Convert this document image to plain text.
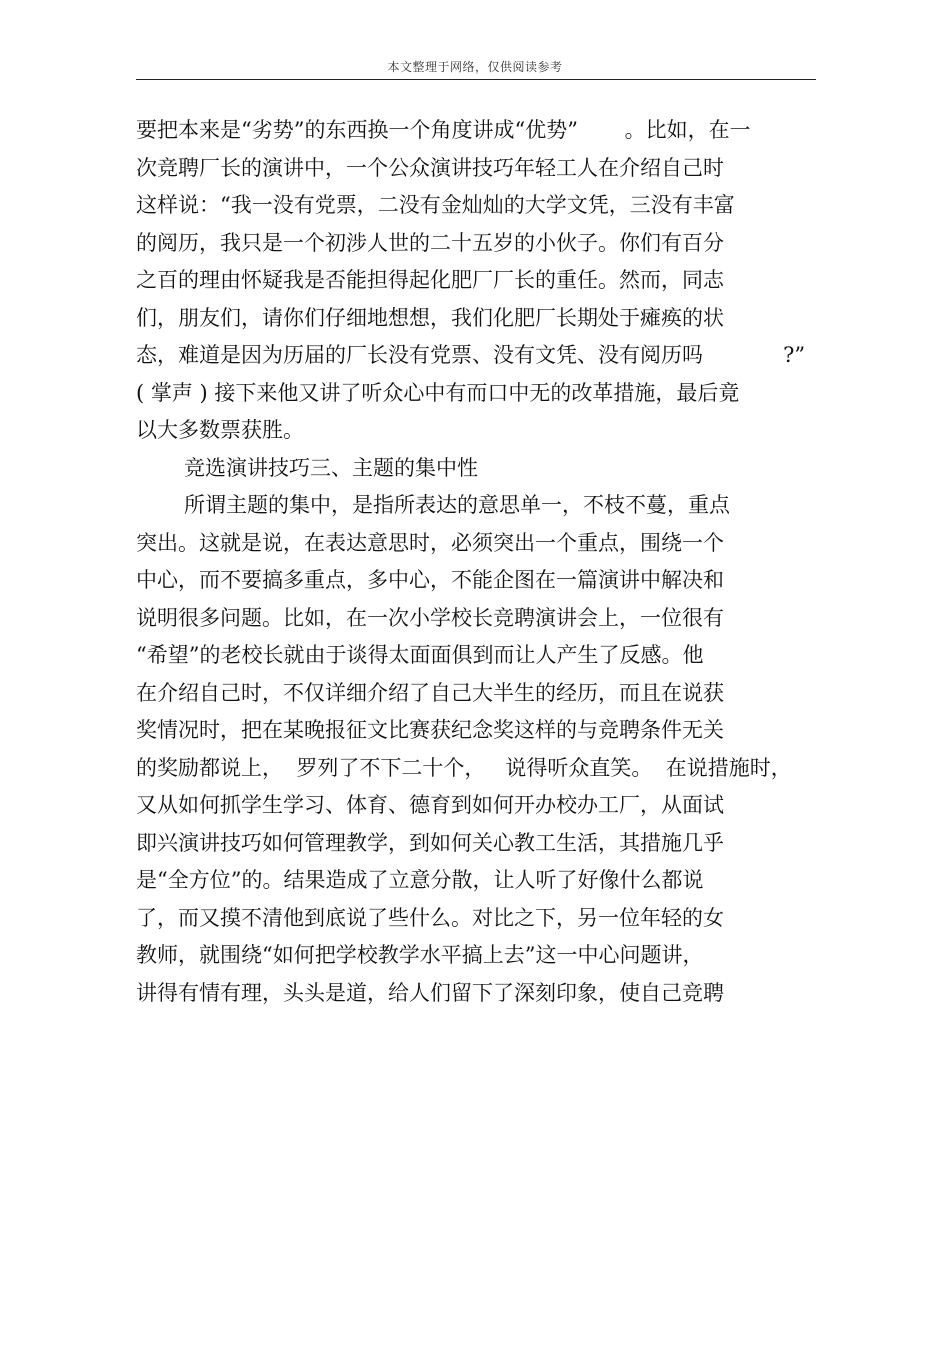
本文整理于网络，仅供阅读参考
要把本来是“劣势”的东西换一个角度讲成“优势”       。比如，在一
次竞聘厂长的演讲中，一个公众演讲技巧年轻工人在介绍自己时
这样说：“我一没有党票，二没有金灿灿的大学文凭，三没有丰富
的阅历，我只是一个初涉人世的二十五岁的小伙子。你们有百分
之百的理由怀疑我是否能担得起化肥厂厂长的重任。然而，同志
们，朋友们，请你们仔细地想想，我们化肥厂长期处于瘫痪的状
态，难道是因为历届的厂长没有党票、没有文凭、没有阅历吗            ?”
( 掌声 ) 接下来他又讲了听众心中有而口中无的改革措施，最后竟
以大多数票获胜。
竞选演讲技巧三、主题的集中性
所谓主题的集中，是指所表达的意思单一，不枝不蔓，重点
突出。这就是说，在表达意思时，必须突出一个重点，围绕一个
中心，而不要搞多重点，多中心，不能企图在一篇演讲中解决和
说明很多问题。比如，在一次小学校长竞聘演讲会上，一位很有
“希望”的老校长就由于谈得太面面俱到而让人产生了反感。他
在介绍自己时，不仅详细介绍了自己大半生的经历，而且在说获
奖情况时，把在某晚报征文比赛获纪念奖这样的与竞聘条件无关
的奖励都说上，  罗列了不下二十个，   说得听众直笑。  在说措施时，
又从如何抓学生学习、体育、德育到如何开办校办工厂，从面试
即兴演讲技巧如何管理教学，到如何关心教工生活，其措施几乎
是“全方位”的。结果造成了立意分散，让人听了好像什么都说
了，而又摸不清他到底说了些什么。对比之下，另一位年轻的女
教师，就围绕“如何把学校教学水平搞上去”这一中心问题讲，
讲得有情有理，头头是道，给人们留下了深刻印象，使自己竞聘
